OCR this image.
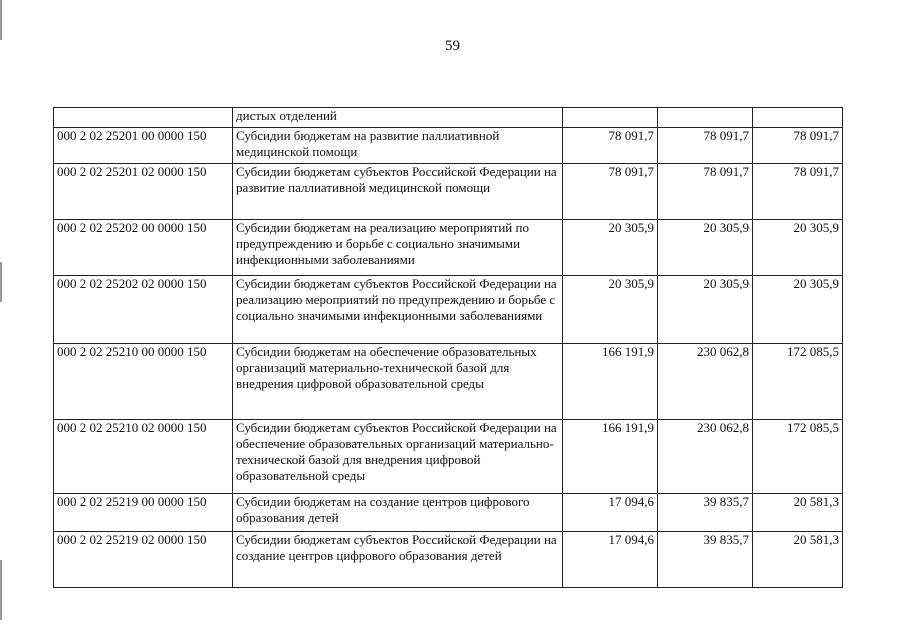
59
	дистых отделений			
000 2 02 25201 00 0000 150	Субсидии бюджетам на развитие паллиативной медицинской помощи	78 091,7	78 091,7	78 091,7
000 2 02 25201 02 0000 150	Субсидии бюджетам субъектов Российской Федерации на развитие паллиативной медицинской помощи	78 091,7	78 091,7	78 091,7
000 2 02 25202 00 0000 150	Субсидии бюджетам на реализацию мероприятий по предупреждению и борьбе с социально значимыми инфекционными заболеваниями	20 305,9	20 305,9	20 305,9
000 2 02 25202 02 0000 150	Субсидии бюджетам субъектов Российской Федерации на реализацию мероприятий по предупреждению и борьбе с социально значимыми инфекционными заболеваниями	20 305,9	20 305,9	20 305,9
000 2 02 25210 00 0000 150	Субсидии бюджетам на обеспечение образовательных организаций материально-технической базой для внедрения цифровой образовательной среды	166 191,9	230 062,8	172 085,5
000 2 02 25210 02 0000 150	Субсидии бюджетам субъектов Российской Федерации на обеспечение образовательных организаций материально-технической базой для внедрения цифровой образовательной среды	166 191,9	230 062,8	172 085,5
000 2 02 25219 00 0000 150	Субсидии бюджетам на создание центров цифрового образования детей	17 094,6	39 835,7	20 581,3
000 2 02 25219 02 0000 150	Субсидии бюджетам субъектов Российской Федерации на создание центров цифрового образования детей	17 094,6	39 835,7	20 581,3
